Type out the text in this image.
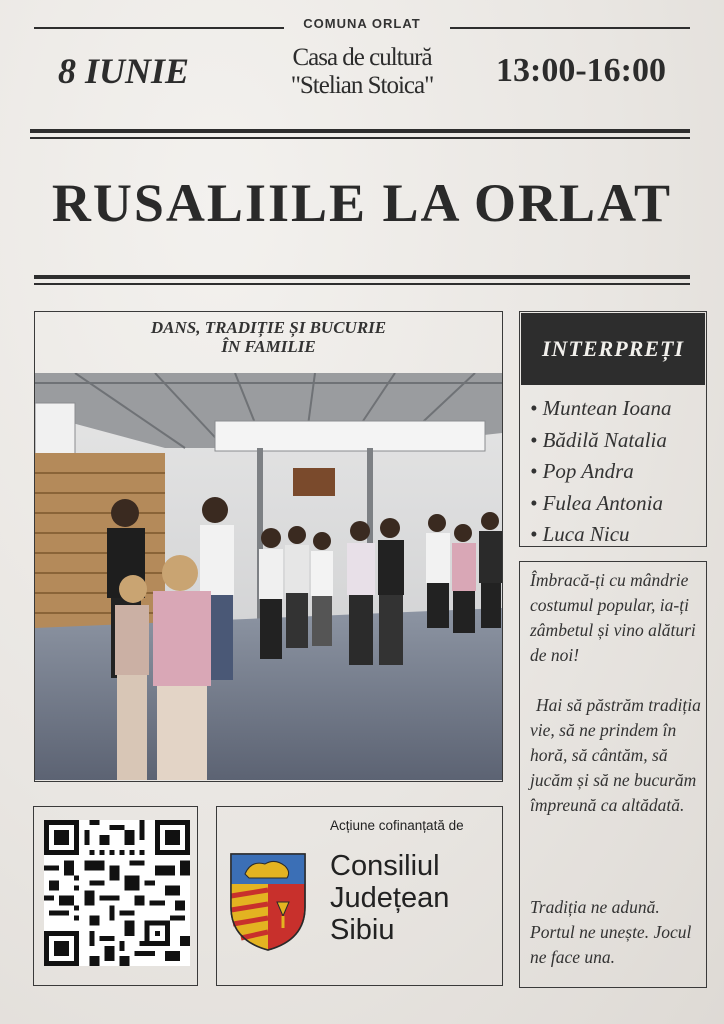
COMUNA ORLAT
8 IUNIE	Casa de cultură
"Stelian Stoica"	13:00-16:00
RUSALIILE LA ORLAT
DANS, TRADIȚIE ȘI BUCURIE
ÎN FAMILIE	INTERPREȚI
• Muntean Ioana
• Bădilă Natalia
• Pop Andra
• Fulea Antonia
• Luca Nicu
Îmbracă-ți cu mândrie costumul popular, ia-ți zâmbetul și vino alături de noi!
Hai să păstrăm tradiția vie, să ne prindem în horă, să cântăm, să jucăm și să ne bucurăm împreună ca altădată.
Tradiția ne adună. Portul ne unește. Jocul ne face una.
Acțiune cofinanțată de
Consiliul
Județean
Sibiu
